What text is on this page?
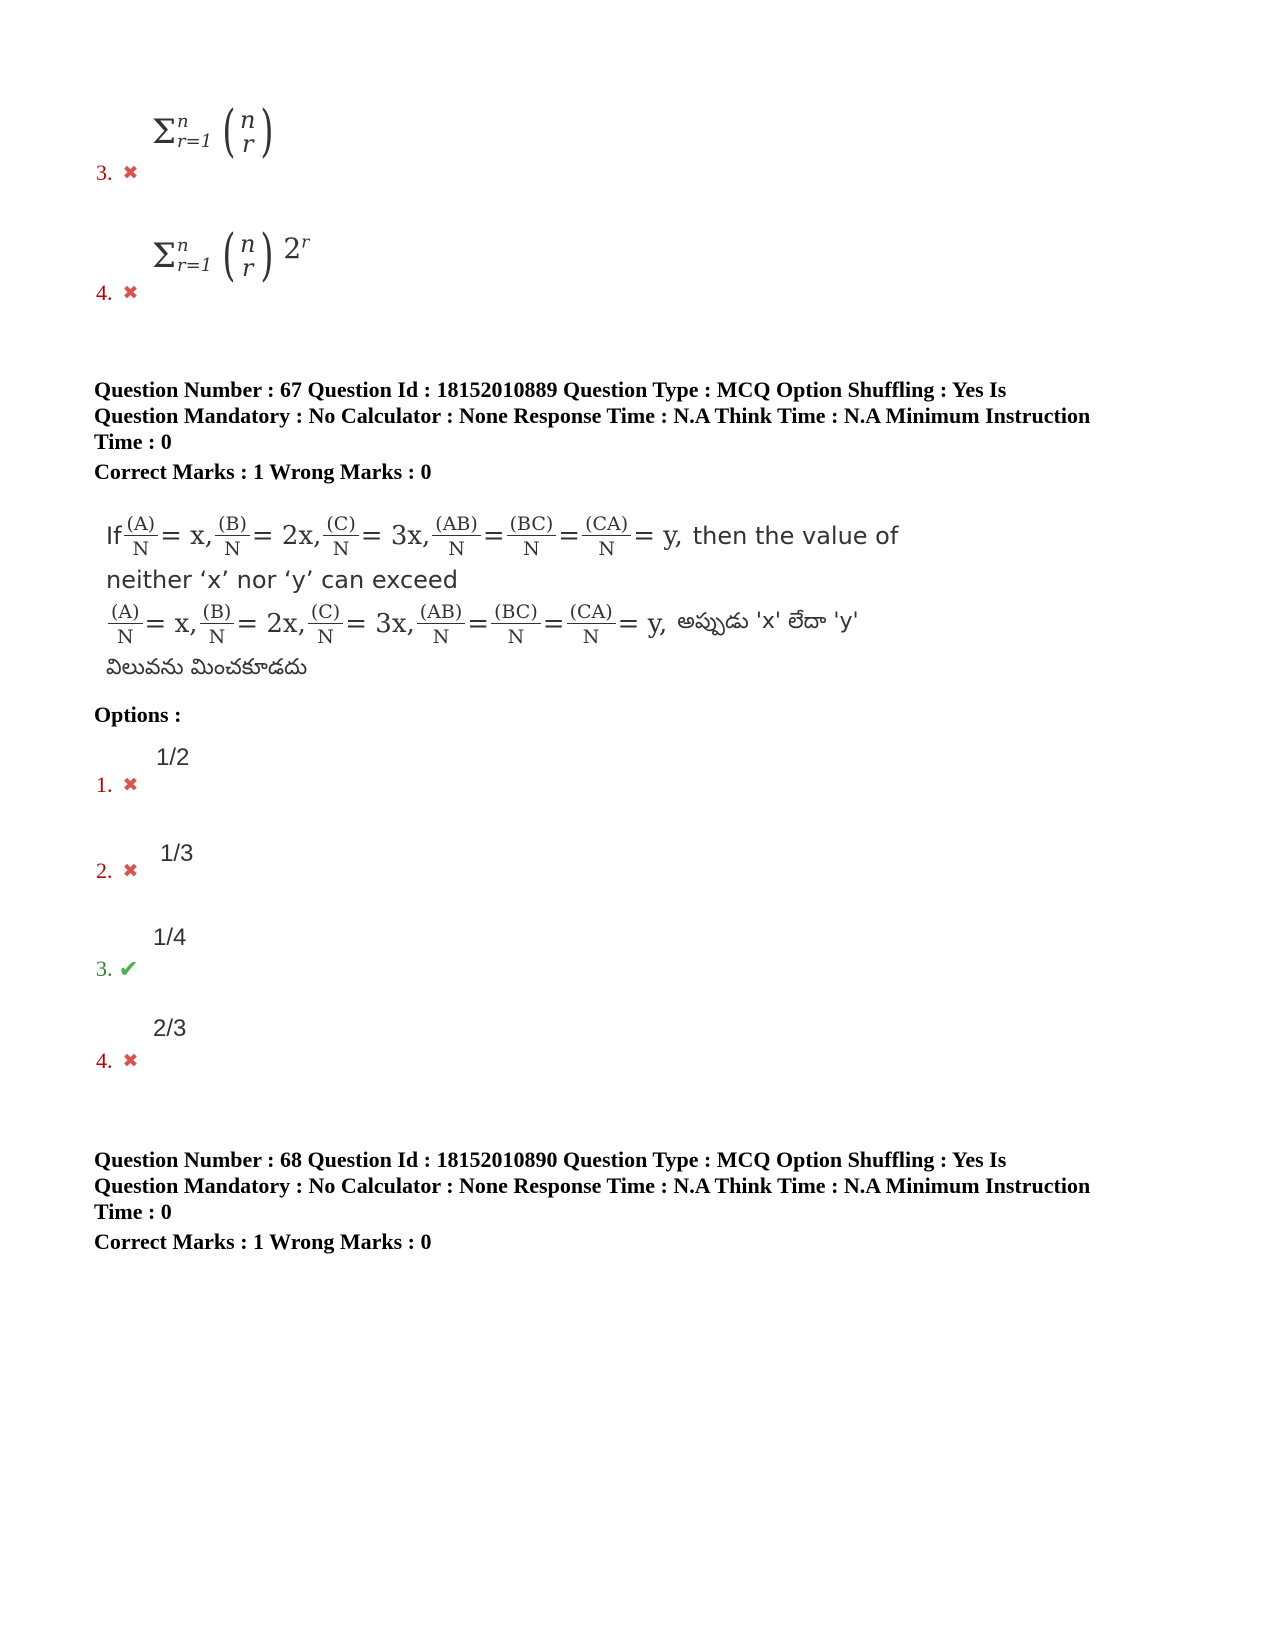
Σ n
r=1 ( n
r )
3. ✖
Σ n
r=1 ( n
r ) 2$^r$
4. ✖
Question Number : 67 Question Id : 18152010889 Question Type : MCQ Option Shuffling : Yes Is Question Mandatory : No Calculator : None Response Time : N.A Think Time : N.A Minimum Instruction Time : 0
Correct Marks : 1 Wrong Marks : 0
If $\frac{(A)}{N} = x$, $\frac{(B)}{N} = 2x$, $\frac{(C)}{N} = 3x$, $\frac{(AB)}{N} = \frac{(BC)}{N} = \frac{(CA)}{N} = y$, then the value of
neither ‘x’ nor ‘y’ can exceed
$\frac{(A)}{N} = x$, $\frac{(B)}{N} = 2x$, $\frac{(C)}{N} = 3x$, $\frac{(AB)}{N} = \frac{(BC)}{N} = \frac{(CA)}{N} = y$, అప్పుడు 'x' లేదా 'y'
విలువను మించకూడదు
Options :
1/2
1. ✖
1/3
2. ✖
1/4
3. ✔
2/3
4. ✖
Question Number : 68 Question Id : 18152010890 Question Type : MCQ Option Shuffling : Yes Is Question Mandatory : No Calculator : None Response Time : N.A Think Time : N.A Minimum Instruction Time : 0
Correct Marks : 1 Wrong Marks : 0
